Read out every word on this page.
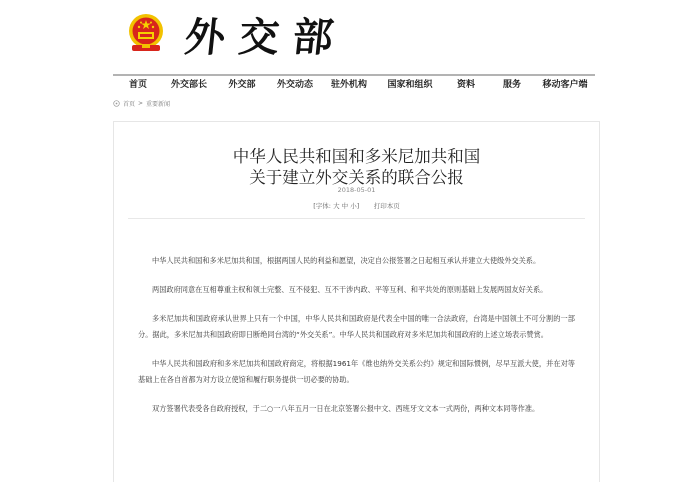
外交部
首页	外交部长	外交部	外交动态	驻外机构	国家和组织	资料	服务	移动客户端
首页 > 重要新闻
中华人民共和国和多米尼加共和国
关于建立外交关系的联合公报
2018-05-01
[字体: 大 中 小] 打印本页

中华人民共和国和多米尼加共和国，根据两国人民的利益和愿望，决定自公报签署之日起相互承认并建立大使级外交关系。

两国政府同意在互相尊重主权和领土完整、互不侵犯、互不干涉内政、平等互利、和平共处的原则基础上发展两国友好关系。

多米尼加共和国政府承认世界上只有一个中国，中华人民共和国政府是代表全中国的唯一合法政府，台湾是中国领土不可分割的一部分。据此，多米尼加共和国政府即日断绝同台湾的“外交关系”。中华人民共和国政府对多米尼加共和国政府的上述立场表示赞赏。

中华人民共和国政府和多米尼加共和国政府商定，将根据1961年《维也纳外交关系公约》规定和国际惯例，尽早互派大使，并在对等基础上在各自首都为对方设立使馆和履行职务提供一切必要的协助。

双方签署代表受各自政府授权，于二○一八年五月一日在北京签署公报中文、西班牙文文本一式两份，两种文本同等作准。
